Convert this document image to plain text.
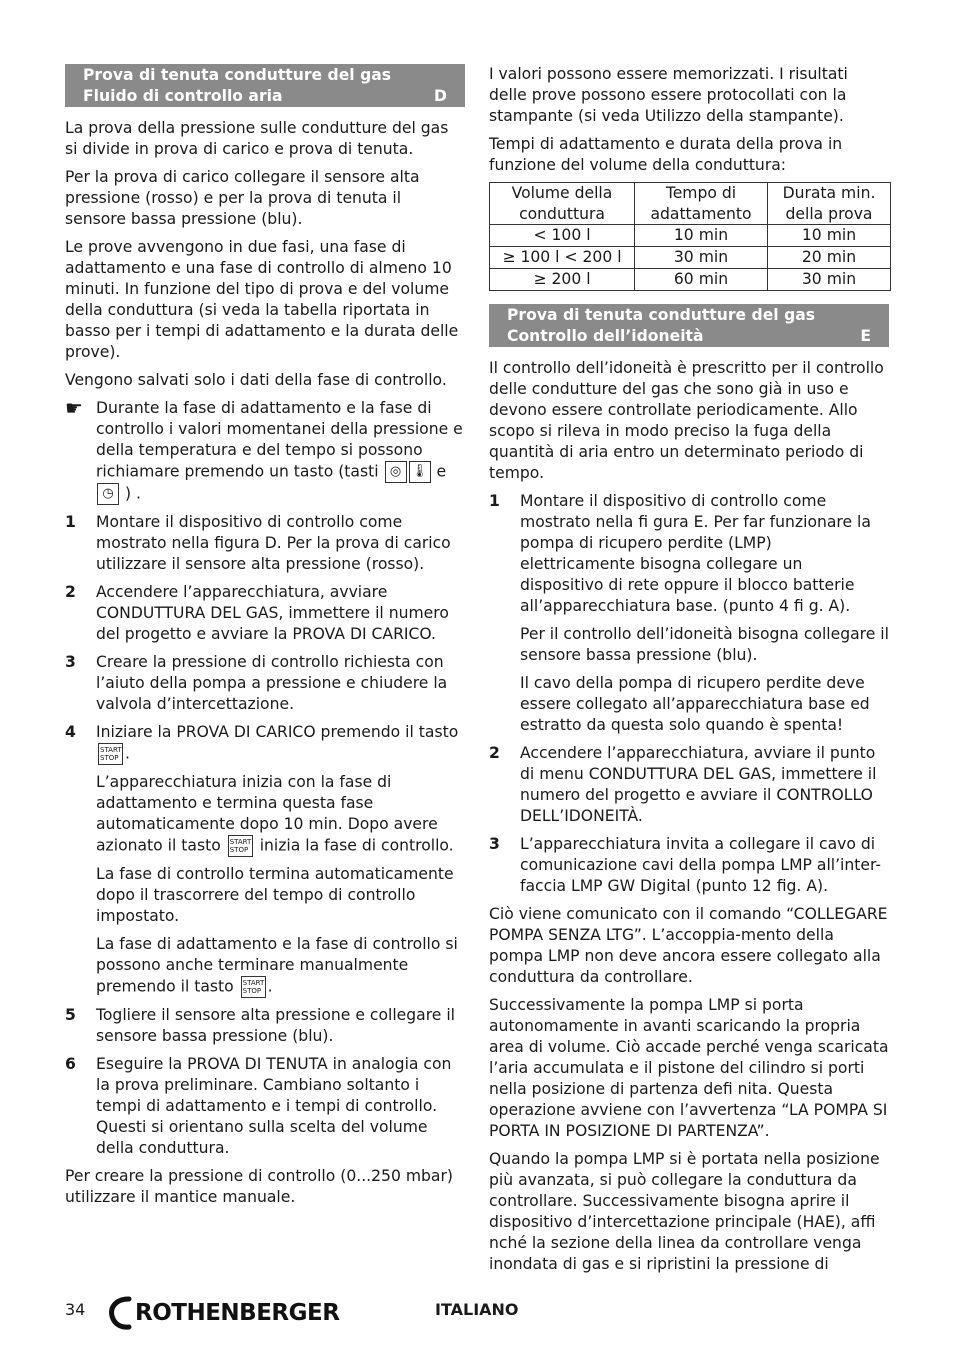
Prova di tenuta condutture del gas
Fluido di controllo aria	D

La prova della pressione sulle condutture del gas si divide in prova di carico e prova di tenuta.

Per la prova di carico collegare il sensore alta pressione (rosso) e per la prova di tenuta il sensore bassa pressione (blu).

Le prove avvengono in due fasi, una fase di adattamento e una fase di controllo di almeno 10 minuti. In funzione del tipo di prova e del volume della conduttura (si veda la tabella riportata in basso per i tempi di adattamento e la durata delle prove).

Vengono salvati solo i dati della fase di controllo.

☛ Durante la fase di adattamento e la fase di controllo i valori momentanei della pressione e della temperatura e del tempo si possono richiamare premendo un tasto (tasti ◎ 🌡 e ◷ ) .
1	Montare il dispositivo di controllo come mostrato nella figura D. Per la prova di carico utilizzare il sensore alta pressione (rosso).

2	Accendere l’apparecchiatura, avviare CONDUTTURA DEL GAS, immettere il numero del progetto e avviare la PROVA DI CARICO.

3	Creare la pressione di controllo richiesta con l’aiuto della pompa a pressione e chiudere la valvola d’intercettazione.

4	Iniziare la PROVA DI CARICO premendo il tasto START
STOP .

L’apparecchiatura inizia con la fase di adattamento e termina questa fase automaticamente dopo 10 min. Dopo avere azionato il tasto START
STOP inizia la fase di controllo.

La fase di controllo termina automaticamente dopo il trascorrere del tempo di controllo impostato.

La fase di adattamento e la fase di controllo si possono anche terminare manualmente premendo il tasto START
STOP .

5	Togliere il sensore alta pressione e collegare il sensore bassa pressione (blu).

6	Eseguire la PROVA DI TENUTA in analogia con la prova preliminare. Cambiano soltanto i tempi di adattamento e i tempi di controllo. Questi si orientano sulla scelta del volume della conduttura.

Per creare la pressione di controllo (0...250 mbar) utilizzare il mantice manuale.

I valori possono essere memorizzati. I risultati delle prove possono essere protocollati con la stampante (si veda Utilizzo della stampante).

Tempi di adattamento e durata della prova in funzione del volume della conduttura:

Volume della conduttura	Tempo di adattamento	Durata min. della prova
< 100 l	10 min	10 min
≥ 100 l < 200 l	30 min	20 min
≥ 200 l	60 min	30 min
Prova di tenuta condutture del gas
Controllo dell’idoneità	E

Il controllo dell’idoneità è prescritto per il controllo delle condutture del gas che sono già in uso e devono essere controllate periodicamente. Allo scopo si rileva in modo preciso la fuga della quantità di aria entro un determinato periodo di tempo.

1	Montare il dispositivo di controllo come mostrato nella fi gura E. Per far funzionare la pompa di ricupero perdite (LMP) elettricamente bisogna collegare un dispositivo di rete oppure il blocco batterie all’apparecchiatura base. (punto 4 fi g. A).

Per il controllo dell’idoneità bisogna collegare il sensore bassa pressione (blu).

Il cavo della pompa di ricupero perdite deve essere collegato all’apparecchiatura base ed estratto da questa solo quando è spenta!

2	Accendere l’apparecchiatura, avviare il punto di menu CONDUTTURA DEL GAS, immettere il numero del progetto e avviare il CONTROLLO DELL’IDONEITÀ.

3	L’apparecchiatura invita a collegare il cavo di comunicazione cavi della pompa LMP all’inter-faccia LMP GW Digital (punto 12 fig. A).

Ciò viene comunicato con il comando “COLLEGARE POMPA SENZA LTG”. L’accoppia-mento della pompa LMP non deve ancora essere collegato alla conduttura da controllare.

Successivamente la pompa LMP si porta autonomamente in avanti scaricando la propria area di volume. Ciò accade perché venga scaricata l’aria accumulata e il pistone del cilindro si porti nella posizione di partenza defi nita. Questa operazione avviene con l’avvertenza “LA POMPA SI PORTA IN POSIZIONE DI PARTENZA”.

Quando la pompa LMP si è portata nella posizione più avanzata, si può collegare la conduttura da controllare. Successivamente bisogna aprire il dispositivo d’intercettazione principale (HAE), affi nché la sezione della linea da controllare venga inondata di gas e si ripristini la pressione di

34 ROTHENBERGER	ITALIANO
